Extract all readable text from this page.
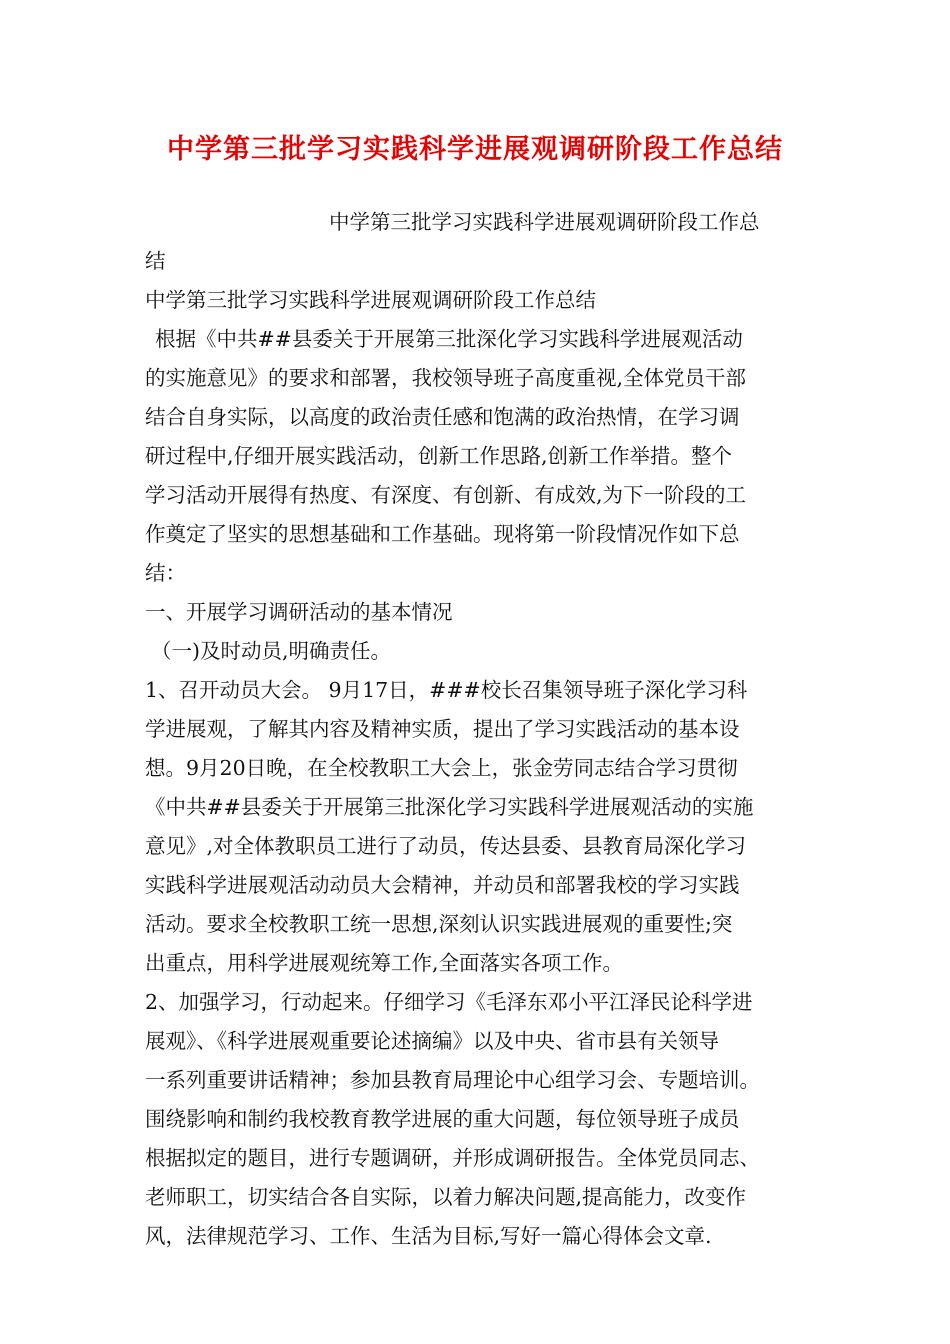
中学第三批学习实践科学进展观调研阶段工作总结
中学第三批学习实践科学进展观调研阶段工作总
结
中学第三批学习实践科学进展观调研阶段工作总结
根据《中共##县委关于开展第三批深化学习实践科学进展观活动
的实施意见》的要求和部署，我校领导班子高度重视,全体党员干部
结合自身实际，以高度的政治责任感和饱满的政治热情，在学习调
研过程中,仔细开展实践活动，创新工作思路,创新工作举措。整个
学习活动开展得有热度、有深度、有创新、有成效,为下一阶段的工
作奠定了坚实的思想基础和工作基础。现将第一阶段情况作如下总
结：
一、开展学习调研活动的基本情况
（一)及时动员,明确责任。
1、召开动员大会。 9月17日，###校长召集领导班子深化学习科
学进展观，了解其内容及精神实质，提出了学习实践活动的基本设
想。9月20日晚，在全校教职工大会上，张金劳同志结合学习贯彻
《中共##县委关于开展第三批深化学习实践科学进展观活动的实施
意见》,对全体教职员工进行了动员，传达县委、县教育局深化学习
实践科学进展观活动动员大会精神，并动员和部署我校的学习实践
活动。要求全校教职工统一思想,深刻认识实践进展观的重要性;突
出重点，用科学进展观统筹工作,全面落实各项工作。
2、加强学习，行动起来。仔细学习《毛泽东邓小平江泽民论科学进
展观》、《科学进展观重要论述摘编》以及中央、省市县有关领导
一系列重要讲话精神；参加县教育局理论中心组学习会、专题培训。
围绕影响和制约我校教育教学进展的重大问题，每位领导班子成员
根据拟定的题目，进行专题调研，并形成调研报告。全体党员同志、
老师职工，切实结合各自实际，以着力解决问题,提高能力，改变作
风，法律规范学习、工作、生活为目标,写好一篇心得体会文章.
